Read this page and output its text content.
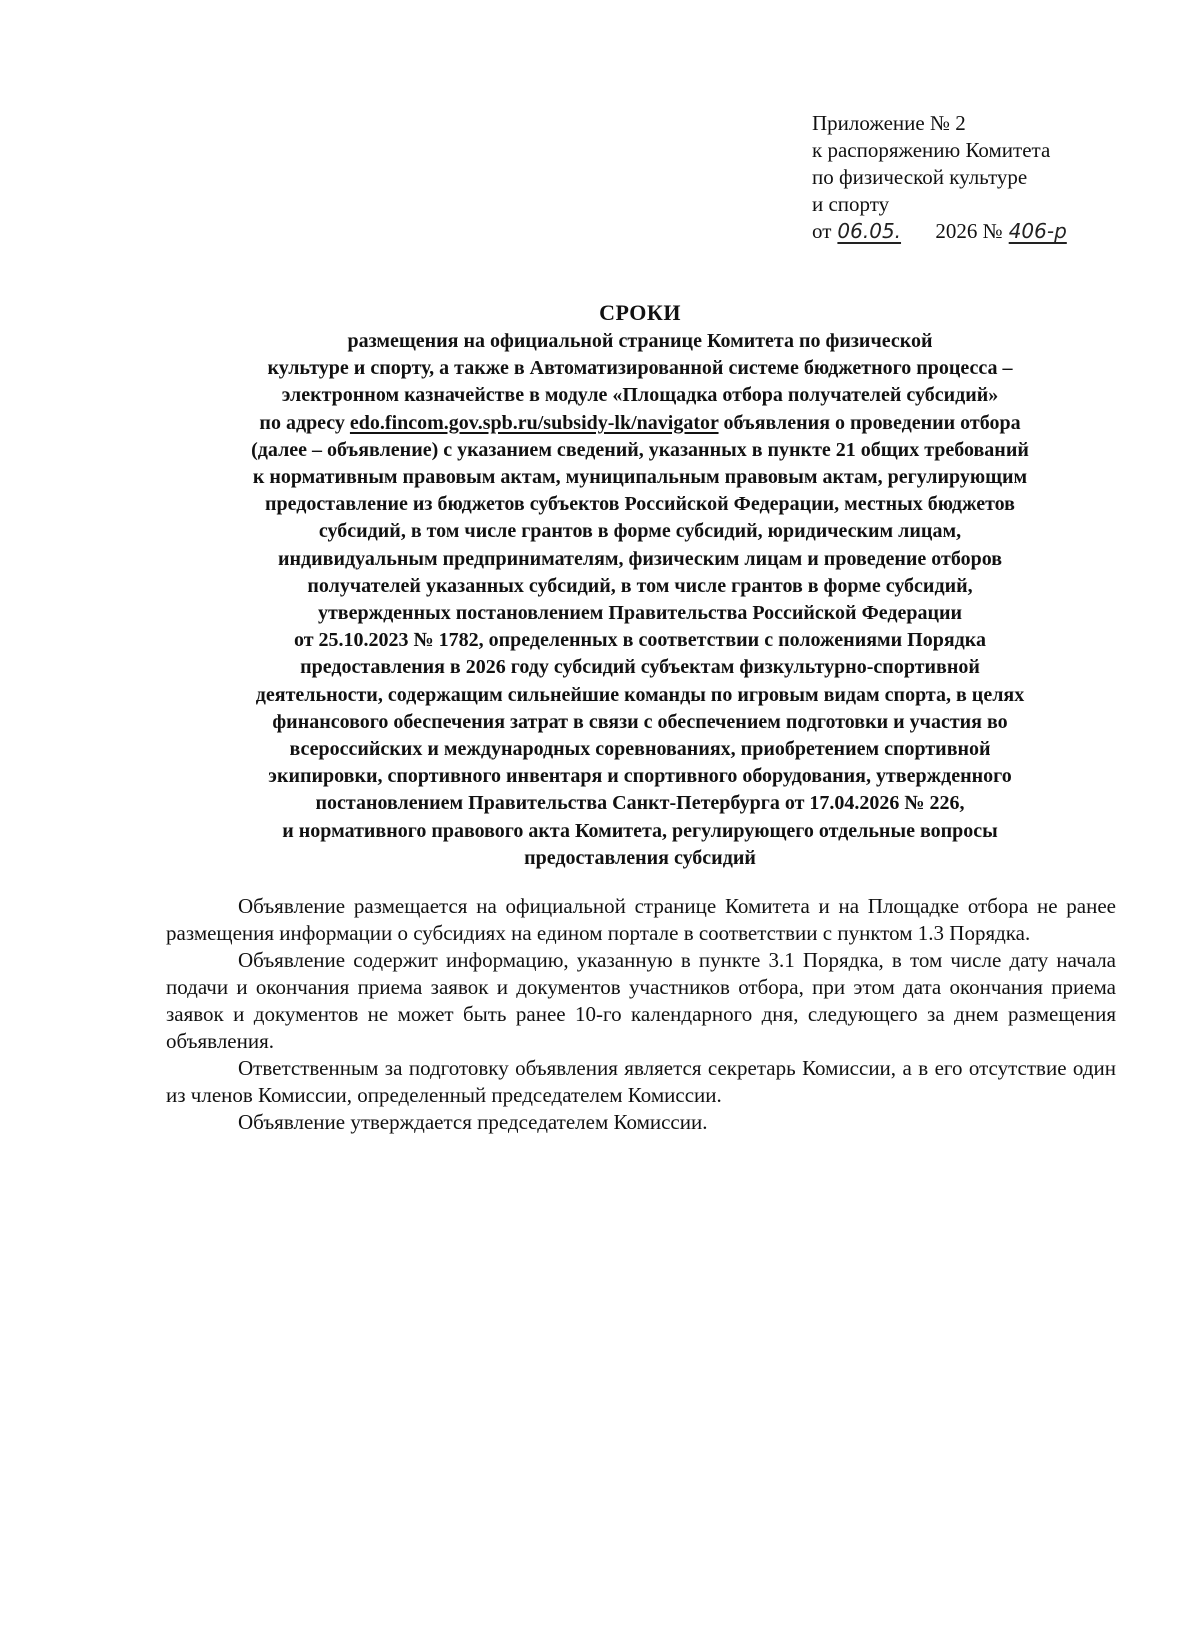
Приложение № 2
к распоряжению Комитета
по физической культуре
и спорту
от 06.05. 2026 № 406-р
СРОКИ
размещения на официальной странице Комитета по физической
культуре и спорту, а также в Автоматизированной системе бюджетного процесса –
электронном казначействе в модуле «Площадка отбора получателей субсидий»
по адресу edo.fincom.gov.spb.ru/subsidy-lk/navigator объявления о проведении отбора
(далее – объявление) с указанием сведений, указанных в пункте 21 общих требований
к нормативным правовым актам, муниципальным правовым актам, регулирующим
предоставление из бюджетов субъектов Российской Федерации, местных бюджетов
субсидий, в том числе грантов в форме субсидий, юридическим лицам,
индивидуальным предпринимателям, физическим лицам и проведение отборов
получателей указанных субсидий, в том числе грантов в форме субсидий,
утвержденных постановлением Правительства Российской Федерации
от 25.10.2023 № 1782, определенных в соответствии с положениями Порядка
предоставления в 2026 году субсидий субъектам физкультурно-спортивной
деятельности, содержащим сильнейшие команды по игровым видам спорта, в целях
финансового обеспечения затрат в связи с обеспечением подготовки и участия во
всероссийских и международных соревнованиях, приобретением спортивной
экипировки, спортивного инвентаря и спортивного оборудования, утвержденного
постановлением Правительства Санкт-Петербурга от 17.04.2026 № 226,
и нормативного правового акта Комитета, регулирующего отдельные вопросы
предоставления субсидий

Объявление размещается на официальной странице Комитета и на Площадке отбора не ранее размещения информации о субсидиях на едином портале в соответствии с пунктом 1.3 Порядка.

Объявление содержит информацию, указанную в пункте 3.1 Порядка, в том числе дату начала подачи и окончания приема заявок и документов участников отбора, при этом дата окончания приема заявок и документов не может быть ранее 10-го календарного дня, следующего за днем размещения объявления.

Ответственным за подготовку объявления является секретарь Комиссии, а в его отсутствие один из членов Комиссии, определенный председателем Комиссии.

Объявление утверждается председателем Комиссии.
